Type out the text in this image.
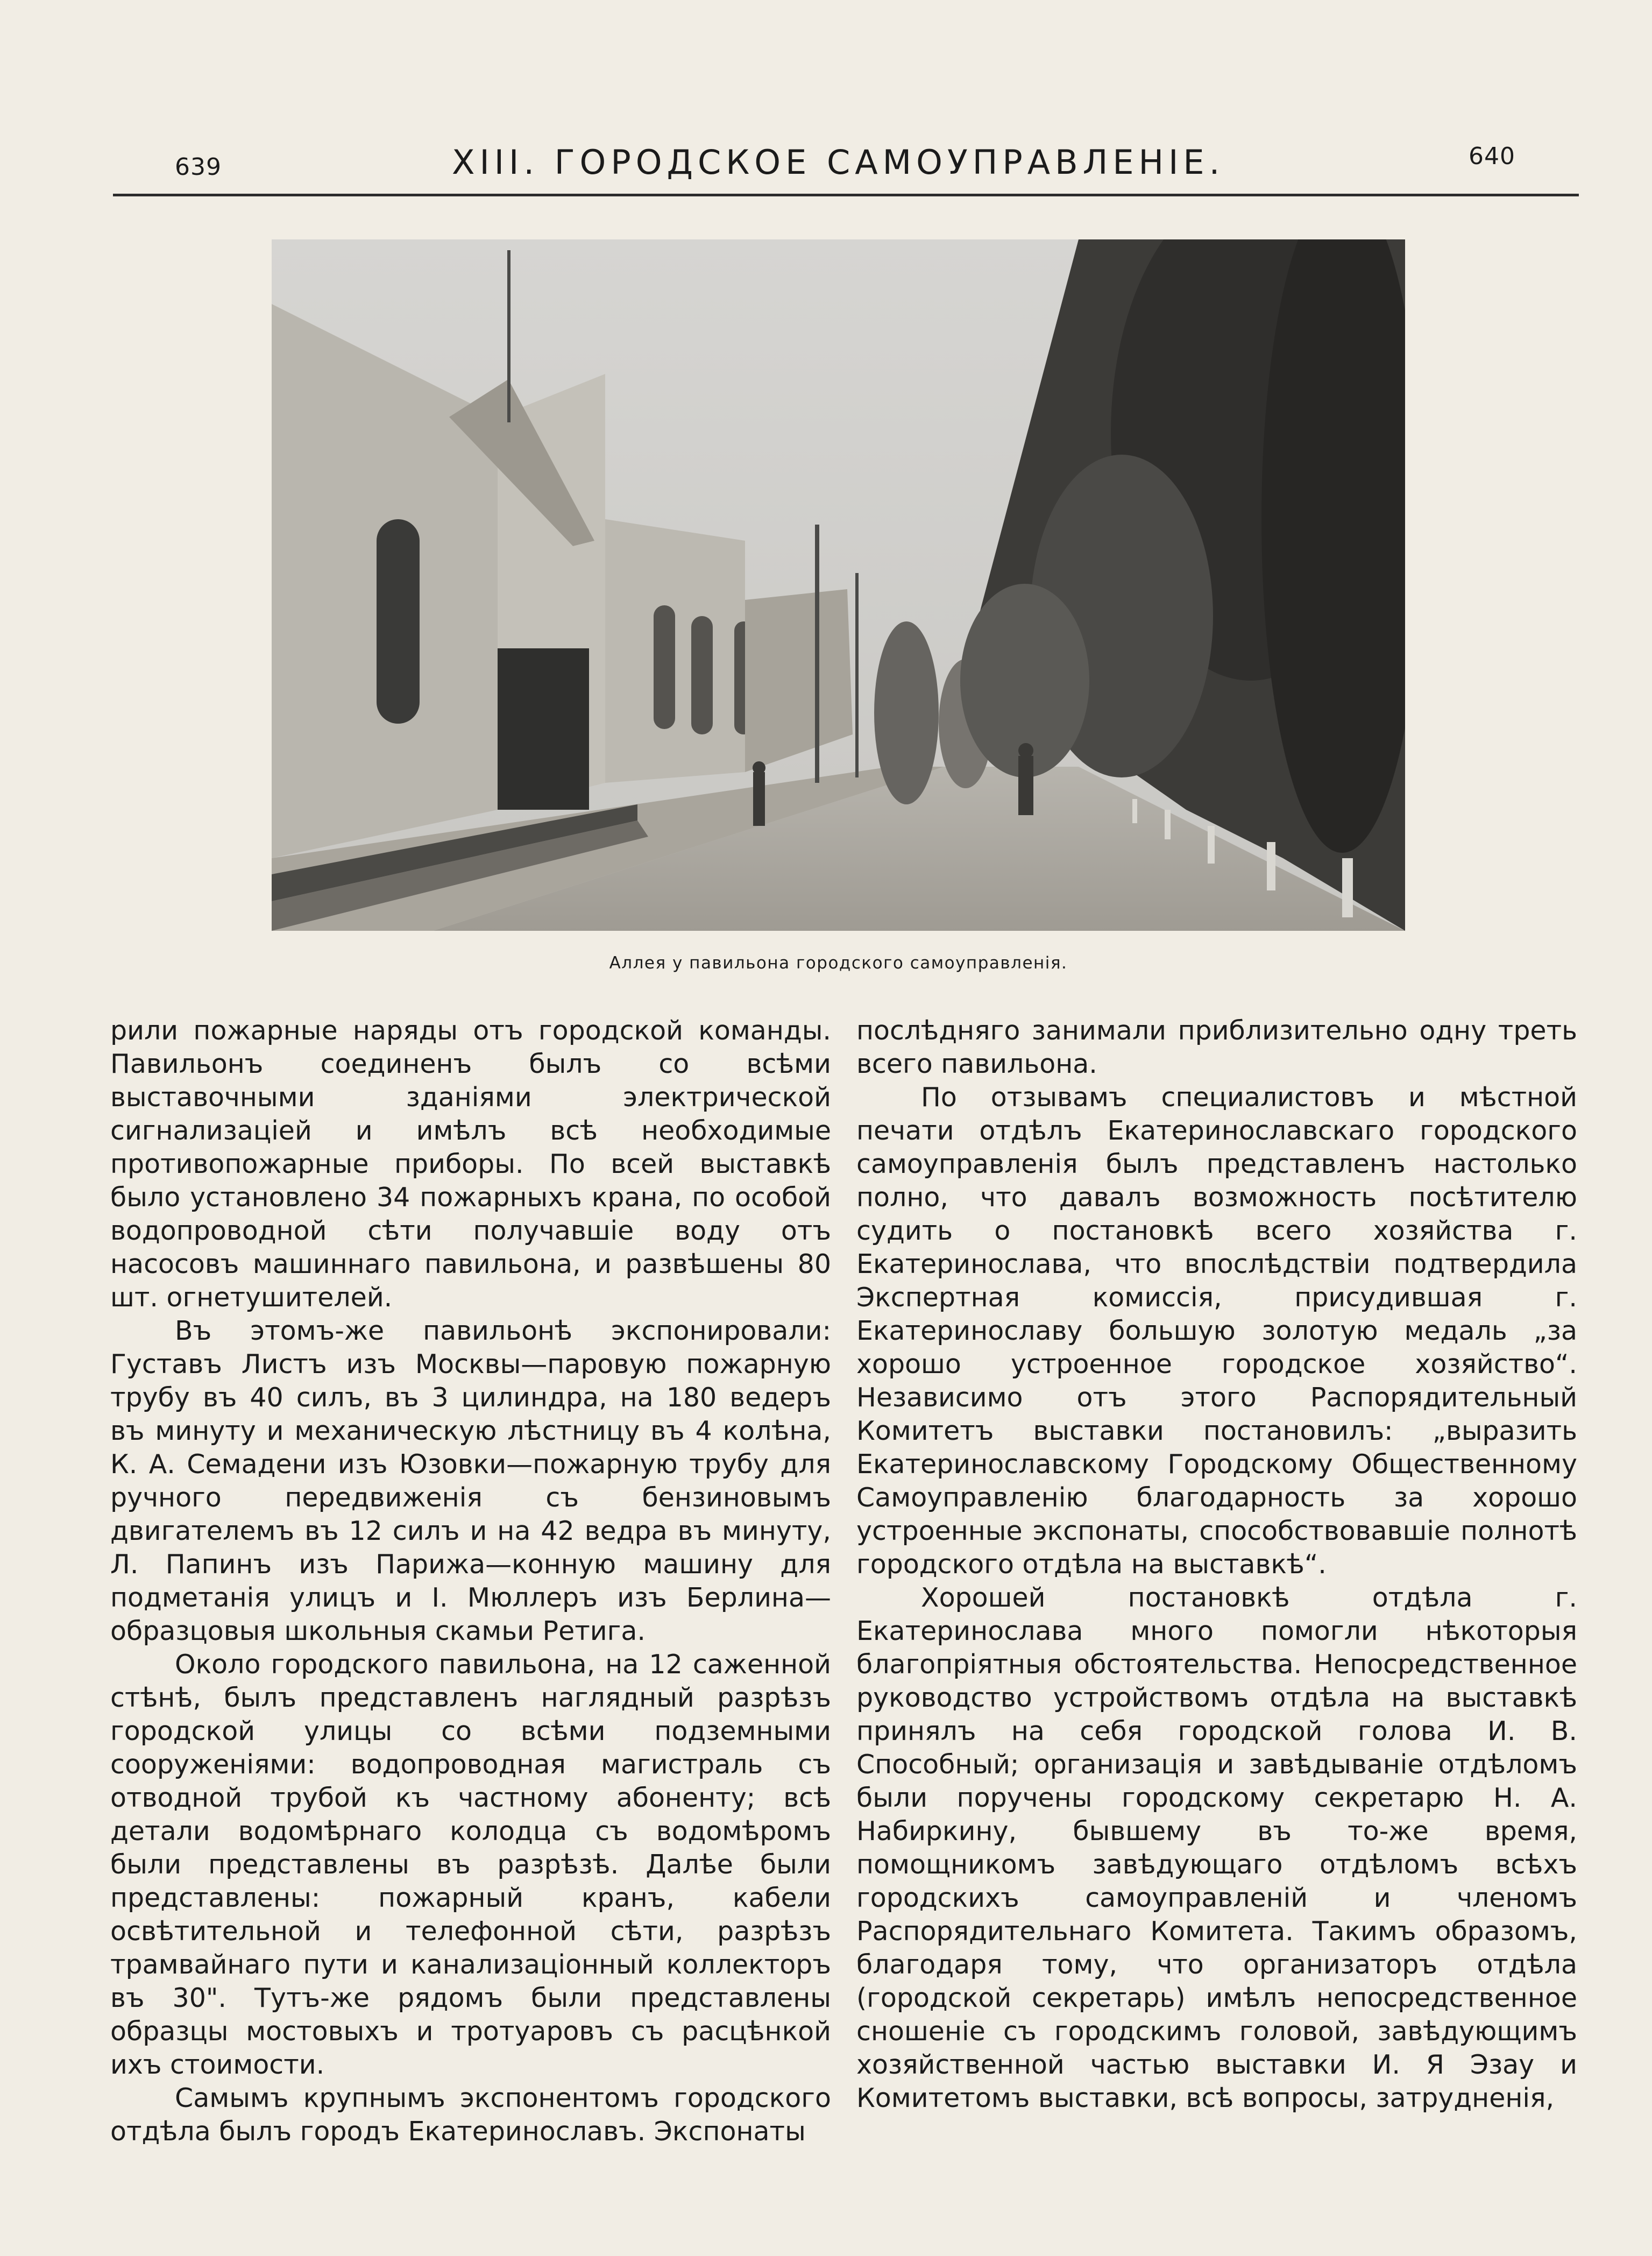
639	XIII. ГОРОДСКОЕ САМОУПРАВЛЕНIЕ.	640
Аллея у павильона городского самоуправленiя.

рили пожарные наряды отъ городской команды. Павильонъ соединенъ былъ со всѣми выставочными зданiями электрической сигнализацiей и имѣлъ всѣ необходимые противопожарные приборы. По всей выставкѣ было установлено 34 пожарныхъ крана, по особой водопроводной сѣти получавшiе воду отъ насосовъ машиннаго павильона, и развѣшены 80 шт. огнетушителей.

Въ этомъ-же павильонѣ экспонировали: Густавъ Листъ изъ Москвы—паровую пожарную трубу въ 40 силъ, въ 3 цилиндра, на 180 ведеръ въ минуту и механическую лѣстницу въ 4 колѣна, К. А. Семадени изъ Юзовки—пожарную трубу для ручного передвиженiя съ бензиновымъ двигателемъ въ 12 силъ и на 42 ведра въ минуту, Л. Папинъ изъ Парижа—конную машину для подметанiя улицъ и I. Мюллеръ изъ Берлина—образцовыя школьныя скамьи Ретига.

Около городского павильона, на 12 саженной стѣнѣ, былъ представленъ наглядный разрѣзъ городской улицы со всѣми подземными сооруженiями: водопроводная магистраль съ отводной трубой къ частному абоненту; всѣ детали водомѣрнаго колодца съ водомѣромъ были представлены въ разрѣзѣ. Далѣе были представлены: пожарный кранъ, кабели освѣтительной и телефонной сѣти, разрѣзъ трамвайнаго пути и канализацiонный коллекторъ въ 30". Тутъ-же рядомъ были представлены образцы мостовыхъ и тротуаровъ съ расцѣнкой ихъ стоимости.

Самымъ крупнымъ экспонентомъ городского отдѣла былъ городъ Екатеринославъ. Экспонаты

послѣдняго занимали приблизительно одну треть всего павильона.

По отзывамъ специалистовъ и мѣстной печати отдѣлъ Екатеринославскаго городского самоуправленiя былъ представленъ настолько полно, что давалъ возможность посѣтителю судить о постановкѣ всего хозяйства г. Екатеринослава, что впослѣдствiи подтвердила Экспертная комиссiя, присудившая г. Екатеринославу большую золотую медаль „за хорошо устроенное городское хозяйство“. Независимо отъ этого Распорядительный Комитетъ выставки постановилъ: „выразить Екатеринославскому Городскому Общественному Самоуправленiю благодарность за хорошо устроенные экспонаты, способствовавшiе полнотѣ городского отдѣла на выставкѣ“.

Хорошей постановкѣ отдѣла г. Екатеринослава много помогли нѣкоторыя благопрiятныя обстоятельства. Непосредственное руководство устройствомъ отдѣла на выставкѣ принялъ на себя городской голова И. В. Способный; организацiя и завѣдываніе отдѣломъ были поручены городскому секретарю Н. А. Набиркину, бывшему въ то-же время, помощникомъ завѣдующаго отдѣломъ всѣхъ городскихъ самоуправленiй и членомъ Распорядительнаго Комитета. Такимъ образомъ, благодаря тому, что организаторъ отдѣла (городской секретарь) имѣлъ непосредственное сношенiе съ городскимъ головой, завѣдующимъ хозяйственной частью выставки И. Я Эзау и Комитетомъ выставки, всѣ вопросы, затрудненiя,
